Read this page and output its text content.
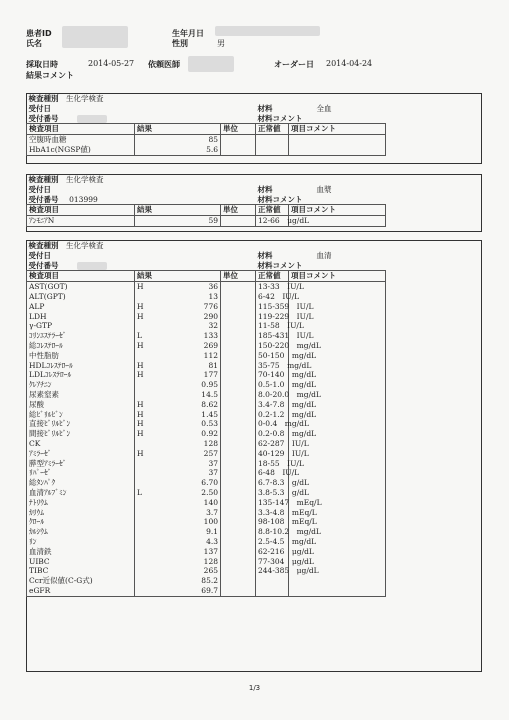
患者ID
氏名
生年月日
性別	男
採取日時	2014-05-27 依頼医師	オーダー日 2014-04-24
結果コメント
検査種別　 生化学検査				
受付日			材料 全血	
受付番号			材料コメント	
検査項目	結果	単位	正常値	項目コメント
空腹時血糖	85			

HbA1c(NGSP値)	5.6			

検査種別　 生化学検査				
受付日			材料 血漿	
受付番号 013999			材料コメント	
検査項目	結果	単位	正常値	項目コメント
ｱﾝﾓﾆｱN	59		12-66　μg/dL	
検査種別　 生化学検査				
受付日			材料 血清	
受付番号			材料コメント	
検査項目	結果	単位	正常値	項目コメント
AST(GOT)	H 36		13-33　IU/L	
ALT(GPT)	13		6-42　IU/L	
ALP	H 776		115-359　IU/L	
LDH	H 290		119-229　IU/L	
γ-GTP	32		11-58　IU/L	
ｺﾘﾝｴｽﾃﾗｰｾﾞ	L 133		185-431　IU/L	
総ｺﾚｽﾃﾛｰﾙ	H 269		150-220　mg/dL	
中性脂肪	112		50-150　mg/dL	
HDLｺﾚｽﾃﾛｰﾙ	H 81		35-75　mg/dL	
LDLｺﾚｽﾃﾛｰﾙ	H 177		70-140　mg/dL	
ｸﾚｱﾁﾆﾝ	0.95		0.5-1.0　mg/dL	
尿素窒素	14.5		8.0-20.0　mg/dL	
尿酸	H 8.62		3.4-7.8　mg/dL	
総ﾋﾞﾘﾙﾋﾞﾝ	H 1.45		0.2-1.2　mg/dL	
直接ﾋﾞﾘﾙﾋﾞﾝ	H 0.53		0-0.4　mg/dL	
間接ﾋﾞﾘﾙﾋﾞﾝ	H 0.92		0.2-0.8　mg/dL	
CK	128		62-287　IU/L	
ｱﾐﾗｰｾﾞ	H 257		40-129　IU/L	
膵型ｱﾐﾗｰｾﾞ	37		18-55　IU/L	
ﾘﾊﾟｰｾﾞ	37		6-48　IU/L	
総ﾀﾝﾊﾟｸ	6.70		6.7-8.3　g/dL	
血清ｱﾙﾌﾞﾐﾝ	L 2.50		3.8-5.3　g/dL	
ﾅﾄﾘｳﾑ	140		135-147　mEq/L	
ｶﾘｳﾑ	3.7		3.3-4.8　mEq/L	
ｸﾛｰﾙ	100		98-108　mEq/L	
ｶﾙｼｳﾑ	9.1		8.8-10.2　mg/dL	
ﾘﾝ	4.3		2.5-4.5　mg/dL	
血清鉄	137		62-216　μg/dL	
UIBC	128		77-304　μg/dL	
TIBC	265		244-385　μg/dL	
Ccr近似値(C-G式)	85.2			

eGFR	69.7			

1/3
